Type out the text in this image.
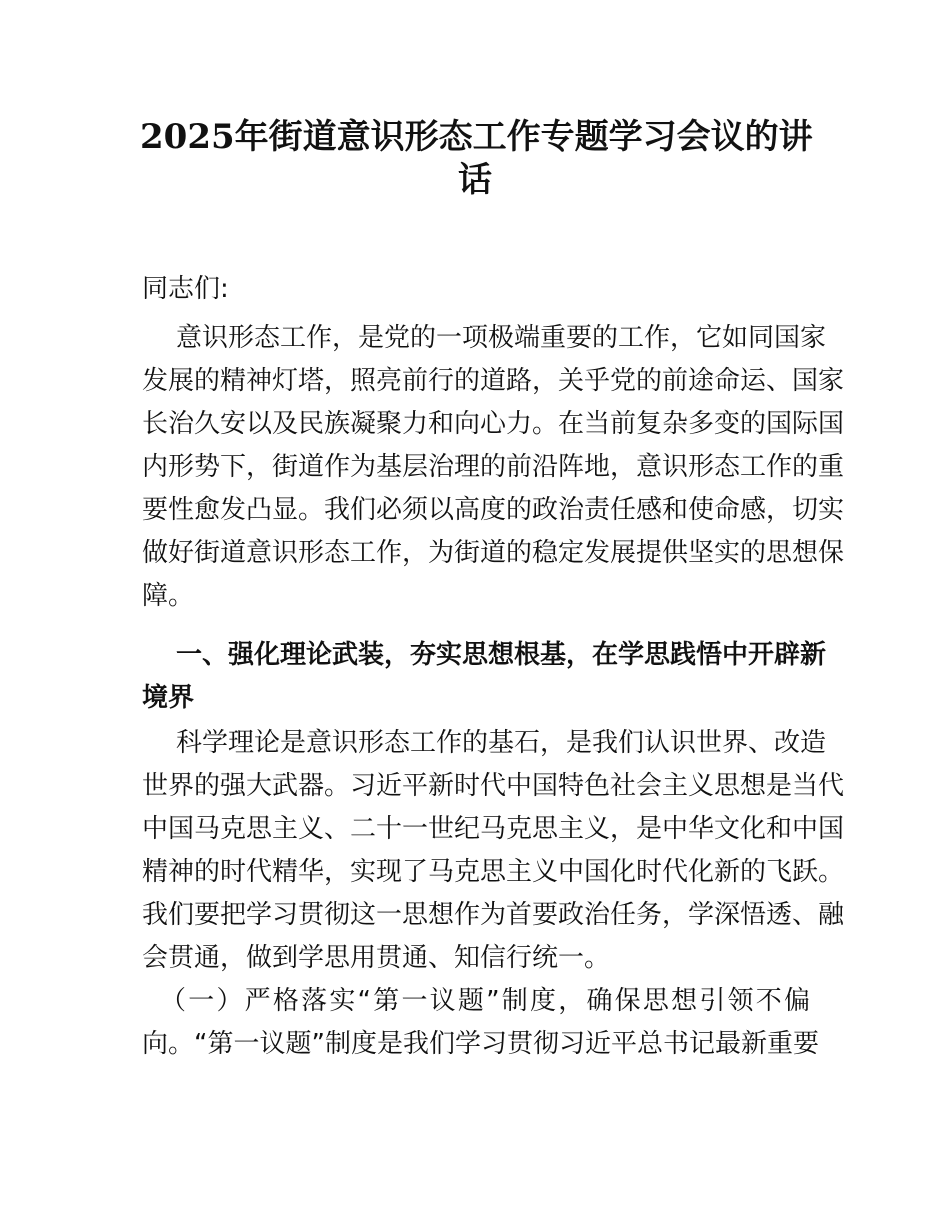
2025年街道意识形态工作专题学习会议的讲
话
同志们:
意识形态工作，是党的一项极端重要的工作，它如同国家
发展的精神灯塔，照亮前行的道路，关乎党的前途命运、国家
长治久安以及民族凝聚力和向心力。在当前复杂多变的国际国
内形势下，街道作为基层治理的前沿阵地，意识形态工作的重
要性愈发凸显。我们必须以高度的政治责任感和使命感，切实
做好街道意识形态工作，为街道的稳定发展提供坚实的思想保
障。
一、强化理论武装，夯实思想根基，在学思践悟中开辟新
境界
科学理论是意识形态工作的基石，是我们认识世界、改造
世界的强大武器。习近平新时代中国特色社会主义思想是当代
中国马克思主义、二十一世纪马克思主义，是中华文化和中国
精神的时代精华，实现了马克思主义中国化时代化新的飞跃。
我们要把学习贯彻这一思想作为首要政治任务，学深悟透、融
会贯通，做到学思用贯通、知信行统一。
（一）严格落实“第一议题”制度，确保思想引领不偏
向。“第一议题”制度是我们学习贯彻习近平总书记最新重要
